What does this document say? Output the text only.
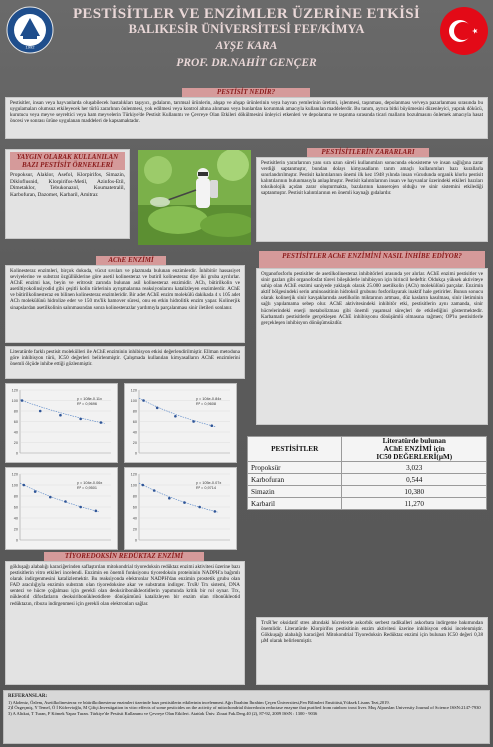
1992
PESTİSİTLER VE ENZİMLER ÜZERİNE ETKİSİ
BALIKESİR ÜNİVERSİTESİ FEF/KİMYA
AYŞE KARA
PROF. DR.NAHİT GENÇER
PESTİSİT NEDİR?
Pestisitler, insan veya hayvanlarda oluşabilecek hastalıkları taşıyıcı, gıdaların, tarımsal ürünlerin, ahşap ve ahşap ürünlerinin veya hayvan yemlerinin üretimi, işlenmesi, taşınması, depolanması ve/veya pazarlanması sırasında bu uygulamaları olumsuz etkileyecek her türlü zararlının önlenmesi, yok edilmesi veya kontrol altına alınması veya bunlardan korunmak amacıyla kullanılan maddelerdir. Bu tanım, ayrıca bitki büyümesini düzenleyici, yaprak dökücü, kurutucu veya meyve seyreltici veya ham meyvelerin Türkiye'de Pestisit Kullanımı ve Çevreye Olan Etkileri dökülmesini önleyici etkenleri ve depolanma ve taşınma sırasında ticari malların bozulmasını önlemek amacıyla hasat öncesi ve sonrası ürüne uygulanan maddeleri de kapsamaktadır.
YAYGIN OLARAK KULLANILAN BAZI PESTİSİT ÖRNEKLERİ
Propoksur, Alaklor, Asefol, Klorpirifos, Simazin, Dikloflusnid, Klorpirifos-Metil, Azinfos-Etil, Dimetaklor, Tebukonazol, Koumatetralil, Karbofuran, Dazomet, Karbaril, Amitraz
PESTİSİTLERİN ZARARLARI
Pestisitlerin yararlarının yanı sıra uzun süreli kullanımları sonucunda ekosisteme ve insan sağlığına zarar verdiği saptanmıştır, bundan dolayı kimyasalların tarım amaçlı kullanımları bazı kurallarla sınırlandırılmıştır. Pestisit kalıntılarının önemi ilk kez 1948 yılında insan vücudunda organik klorlu pestisit kalıntılarının bulunmasıyla anlaşılmıştır. Pestisit kalıntılarının insan ve hayvanlar üzerindeki etkileri bazıları toksikolojik açıdan zarar oluşturmakta, bazılarının kanserojen olduğu ve sinir sistemini etkilediği saptanmıştır. Pestisit kalıntılarının en önemli kaynağı gıdalardır.
AChE ENZİMİ
Kolinesteraz enzimleri, birçok dokuda, vücut sıvıları ve plazmada bulunan enzimlerdir. İnhibitör hassasiyet seviyelerine ve substrat özgüllüklerine göre asetil kolinesteraz ve butiril kolinesteraz diye iki gruba ayrılırlar. AChE enzimi kas, beyin ve eritrosit zarında bulunan asil kolinesteraz enzimidir. ACh, bütirilkolin ve asetiltiyokolinsiyodid gibi çeşitli kolin türlerinin ayrışmalarına reaksiyonlarını katalizleyen enzimlerdir. AChE ve bütirilkolinesteraz en bilinen kolinesteraz enzimleridir. Bir adet AChE enzim molekülü dakikada 4 x 105 adet ACh molekülünü hidrolize eder ve 150 ms'lik hamover süresi, onu en etkin hidrolitik enzim yapar. Kolinerjik sinapslardan asetilkolinin salınmasından sonra kolinesterazlar yardımıyla parçalanması sinir iletileri sonlanır.
PESTİSİTLER AChE ENZİMİNİ NASIL İNHİBE EDİYOR?
Organofosforlu pestisitler de asetilkolinesteraz inhibitörleri arasında yer alırlar. AChE enzimi pestisitler ve sinir gazları gibi organofosfat türevi bileşiklerle inhibisyon için birincil hedeftir. Oldukça yüksek aktiviteye sahip olan AChE enzimi saniyede yaklaşık olarak 25.000 asetilkolin (ACh) molekülünü parçalar. Enzimin aktif bölgesindeki serin aminoasitinin hidroksil grubunu fosforilayarak inaktif hale getirirler. Bunun sonucu olarak kolinerjik sinir kavşaklarında asetilkolin miktarının artması, düz kasların kasılması, sinir iletiminin sağlı yapılamama sebep olur. AChE aktivitesindeki inhibitör etki, pestisitlerin aynı zamanda, sinir hücrelerindeki enerji metabolizması gibi önemli yaşamsal süreçleri de etkilediğini göstermektedir. Karbamatlı pestisitlerle gerçekleşen AChE inhibisyonu dönüşümlü olmasına rağmen; OP'lu pestisitlerle gerçekleşen inhibisyon dönüşümsüzdür.
Literatürde farklı pestisit molekülleri ile AChE enziminin inhibisyon etkisi değerlendirilmiştir. Ellman metoduna göre inhibisyon türü, IC50 değerleri belirlenmiştir. Çalışmada kullanılan kimyasalların AChE enzimlerini önemli ölçüde inhibe ettiği gözlenmiştir.
0
20
40
60
80
100
120
y = 108e-0.11x
R² = 0,9696
0
20
40
60
80
100
120
y = 104e-0.84x
R² = 0,9608
0
20
40
60
80
100
120
y = 104e-0.06x
R² = 0,9501
0
20
40
60
80
100
120
y = 105e-0.07x
R² = 0,9714
PESTİSİTLER	Literatürde bulunan
AChE ENZİMİ için
IC50 DEĞERLERİ(µM)

Propoksür	3,023
Karbofuran	0,544
Simazin	10,380
Karbaril	11,270
TİYOREDOKSİN REDÜKTAZ ENZİMİ
gökluşağı alabalığı karaciğerinden saflaştırılan mitokondrial tiyoredoksin redüktaz enzimi aktivitesi üzerine bazı pestisitlerin vitro etkileri incelendi. Enzimin en önemli fonksiyonu tiyoredoksin proteininin NADPH'a bağımlı olarak indirgenmesini katalizlemektir. Bu reaksiyonda elektronlar NADPH'dan enzimin prostetik grubu olan FAD aracılığıyla enzimin substratı olan tiyoredoksine akar ve substratın indirger. TrxR/ Trx sistemi, DNA sentezi ve hücre çoğalması için gerekli olan deoksiribonükleotidlerin yapımında kritik bir rol oynar. Trx, nükleotid difosfatların deoksiribonükleotidlere dönüşümünü katalizleyen bir enzim olan ribonükleotid redüktazın, ribozu indirgenmesi için gerekli olan elektronları sağlar.
TrxR'ler oksidatif stres altındaki hücrelerde askorbik serbest radikalleri askorbata indirgeme bakımından önemlidir. Literatürde Klorpirifos pestisitinin enzim aktivitesi üzerine inhibisyon etkisi incelenmiştir. Gökkuşağı alabalığı karaciğeri Mitokondrial Tiyoredoksin Redüktaz enzimi için bulunan IC50 değeri 0,38 µM olarak belirlenmiştir.
REFERANSLAR:
1) Akdeniz, Özlem, Asetilkolinesteraz ve bütirilkolinesteraz enzimleri üzerinde bazı pestisitlerin etkilerinin incelenmesi.Ağrı İbrahim İbrahim Çeçen Üniversitesi,Fen Bilimleri Enstitüsü,Yüksek Lisans Tezi,2019.
2)İ Özgeçmiş, Y Temel, Ö İ Küfrevioğlu, M Çiftçi.Investigation in vitro effects of some pesticides on the activity of mitochondrial thioredoxin reductase enzyme that purified from rainbow trout liver. Muş Alparslan University Journal of Science ISSN:2147-7930
3) A Altıkat, T Turan, F Kömek Yapar Turan. Türkiye'de Pestisit Kullanımı ve Çevreye Olan Etkileri. Atatürk Üniv. Ziraat Fak.Derg.40 (2), 87-92, 2009 ISSN : 1300 - 9036
